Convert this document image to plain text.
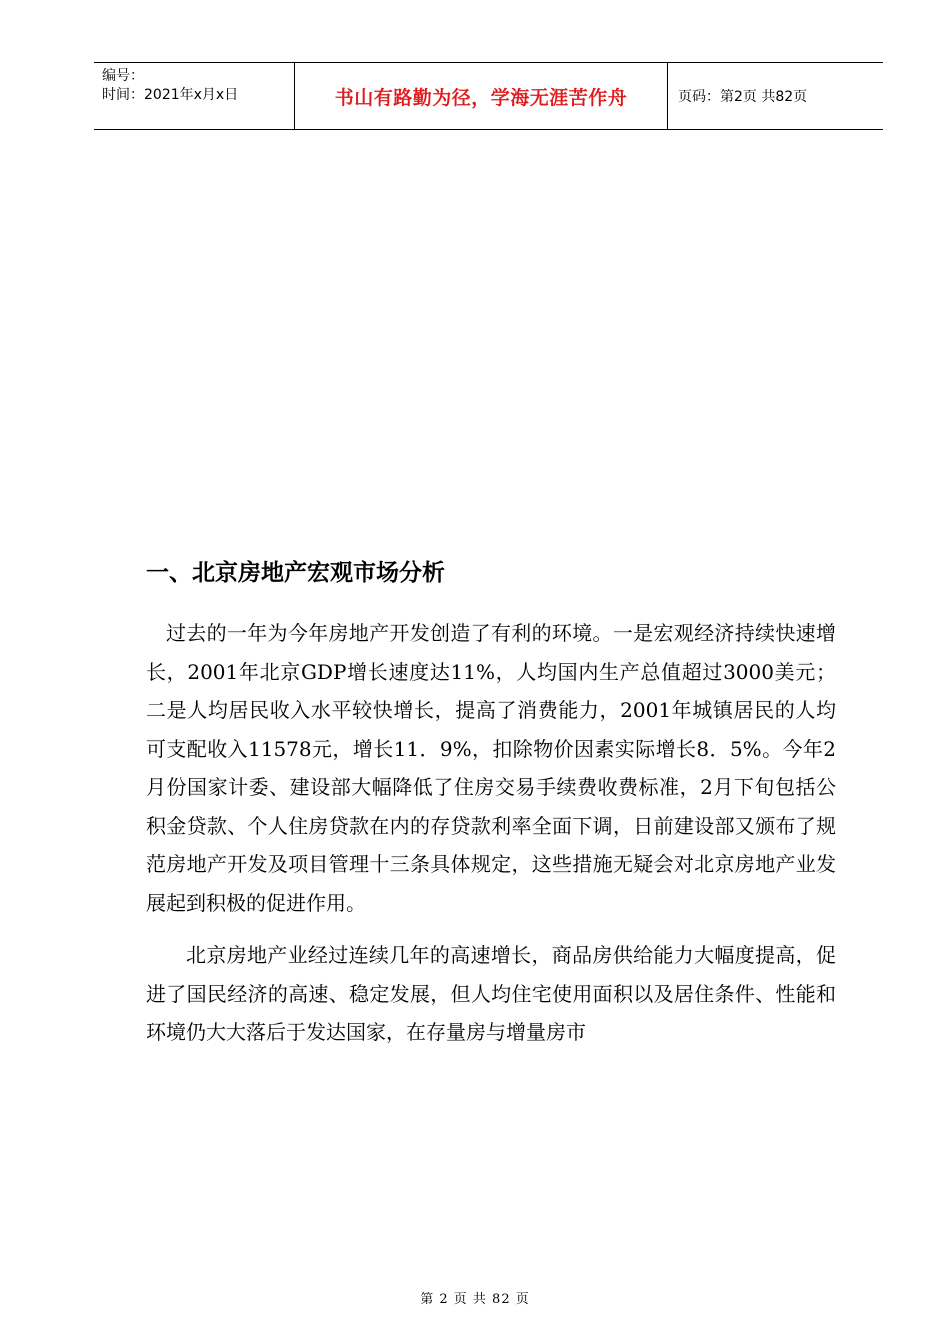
编号：
时间：2021年x月x日	书山有路勤为径，学海无涯苦作舟	页码：第2页 共82页
一、北京房地产宏观市场分析

过去的一年为今年房地产开发创造了有利的环境。一是宏观经济持续快速增长，2001年北京GDP增长速度达11%，人均国内生产总值超过3000美元；二是人均居民收入水平较快增长，提高了消费能力，2001年城镇居民的人均可支配收入11578元，增长11．9%，扣除物价因素实际增长8．5%。今年2月份国家计委、建设部大幅降低了住房交易手续费收费标准，2月下旬包括公积金贷款、个人住房贷款在内的存贷款利率全面下调，日前建设部又颁布了规范房地产开发及项目管理十三条具体规定，这些措施无疑会对北京房地产业发展起到积极的促进作用。

北京房地产业经过连续几年的高速增长，商品房供给能力大幅度提高，促进了国民经济的高速、稳定发展，但人均住宅使用面积以及居住条件、性能和环境仍大大落后于发达国家，在存量房与增量房市

第 2 页 共 82 页
